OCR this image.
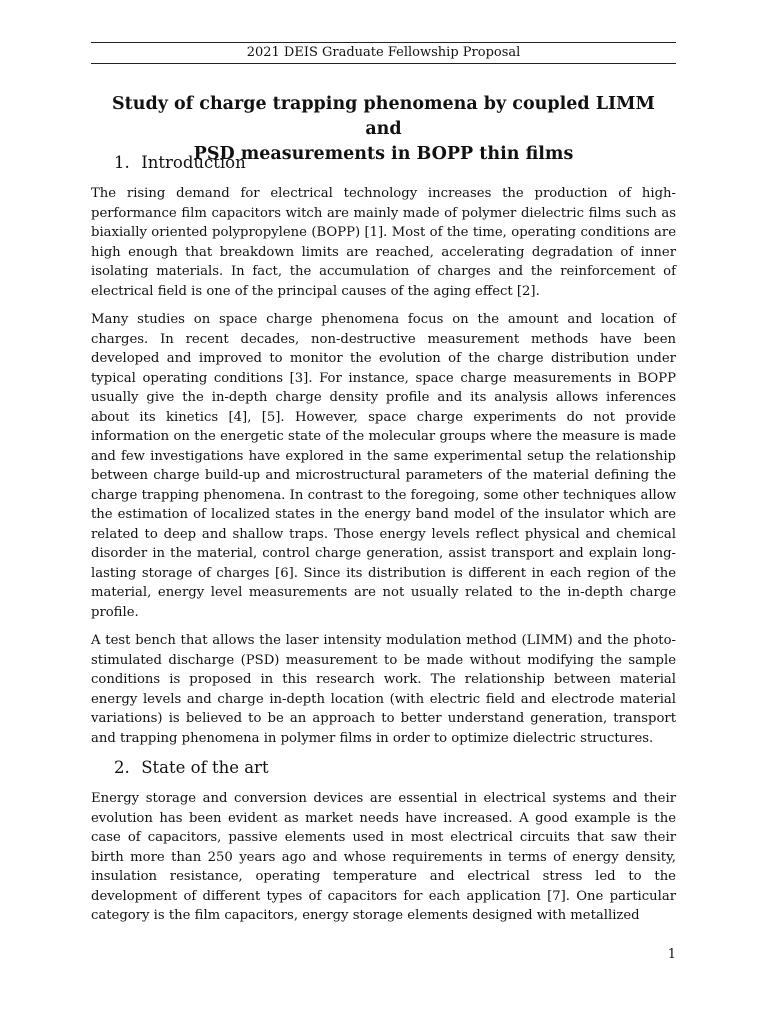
2021 DEIS Graduate Fellowship Proposal
Study of charge trapping phenomena by coupled LIMM and
PSD measurements in BOPP thin films
1. Introduction

The rising demand for electrical technology increases the production of high-performance film capacitors witch are mainly made of polymer dielectric films such as biaxially oriented polypropylene (BOPP) [1]. Most of the time, operating conditions are high enough that breakdown limits are reached, accelerating degradation of inner isolating materials. In fact, the accumulation of charges and the reinforcement of electrical field is one of the principal causes of the aging effect [2].

Many studies on space charge phenomena focus on the amount and location of charges. In recent decades, non-destructive measurement methods have been developed and improved to monitor the evolution of the charge distribution under typical operating conditions [3]. For instance, space charge measurements in BOPP usually give the in-depth charge density profile and its analysis allows inferences about its kinetics [4], [5]. However, space charge experiments do not provide information on the energetic state of the molecular groups where the measure is made and few investigations have explored in the same experimental setup the relationship between charge build-up and microstructural parameters of the material defining the charge trapping phenomena. In contrast to the foregoing, some other techniques allow the estimation of localized states in the energy band model of the insulator which are related to deep and shallow traps. Those energy levels reflect physical and chemical disorder in the material, control charge generation, assist transport and explain long-lasting storage of charges [6]. Since its distribution is different in each region of the material, energy level measurements are not usually related to the in-depth charge profile.

A test bench that allows the laser intensity modulation method (LIMM) and the photo-stimulated discharge (PSD) measurement to be made without modifying the sample conditions is proposed in this research work. The relationship between material energy levels and charge in-depth location (with electric field and electrode material variations) is believed to be an approach to better understand generation, transport and trapping phenomena in polymer films in order to optimize dielectric structures.

2. State of the art

Energy storage and conversion devices are essential in electrical systems and their evolution has been evident as market needs have increased. A good example is the case of capacitors, passive elements used in most electrical circuits that saw their birth more than 250 years ago and whose requirements in terms of energy density, insulation resistance, operating temperature and electrical stress led to the development of different types of capacitors for each application [7]. One particular category is the film capacitors, energy storage elements designed with metallized

1
